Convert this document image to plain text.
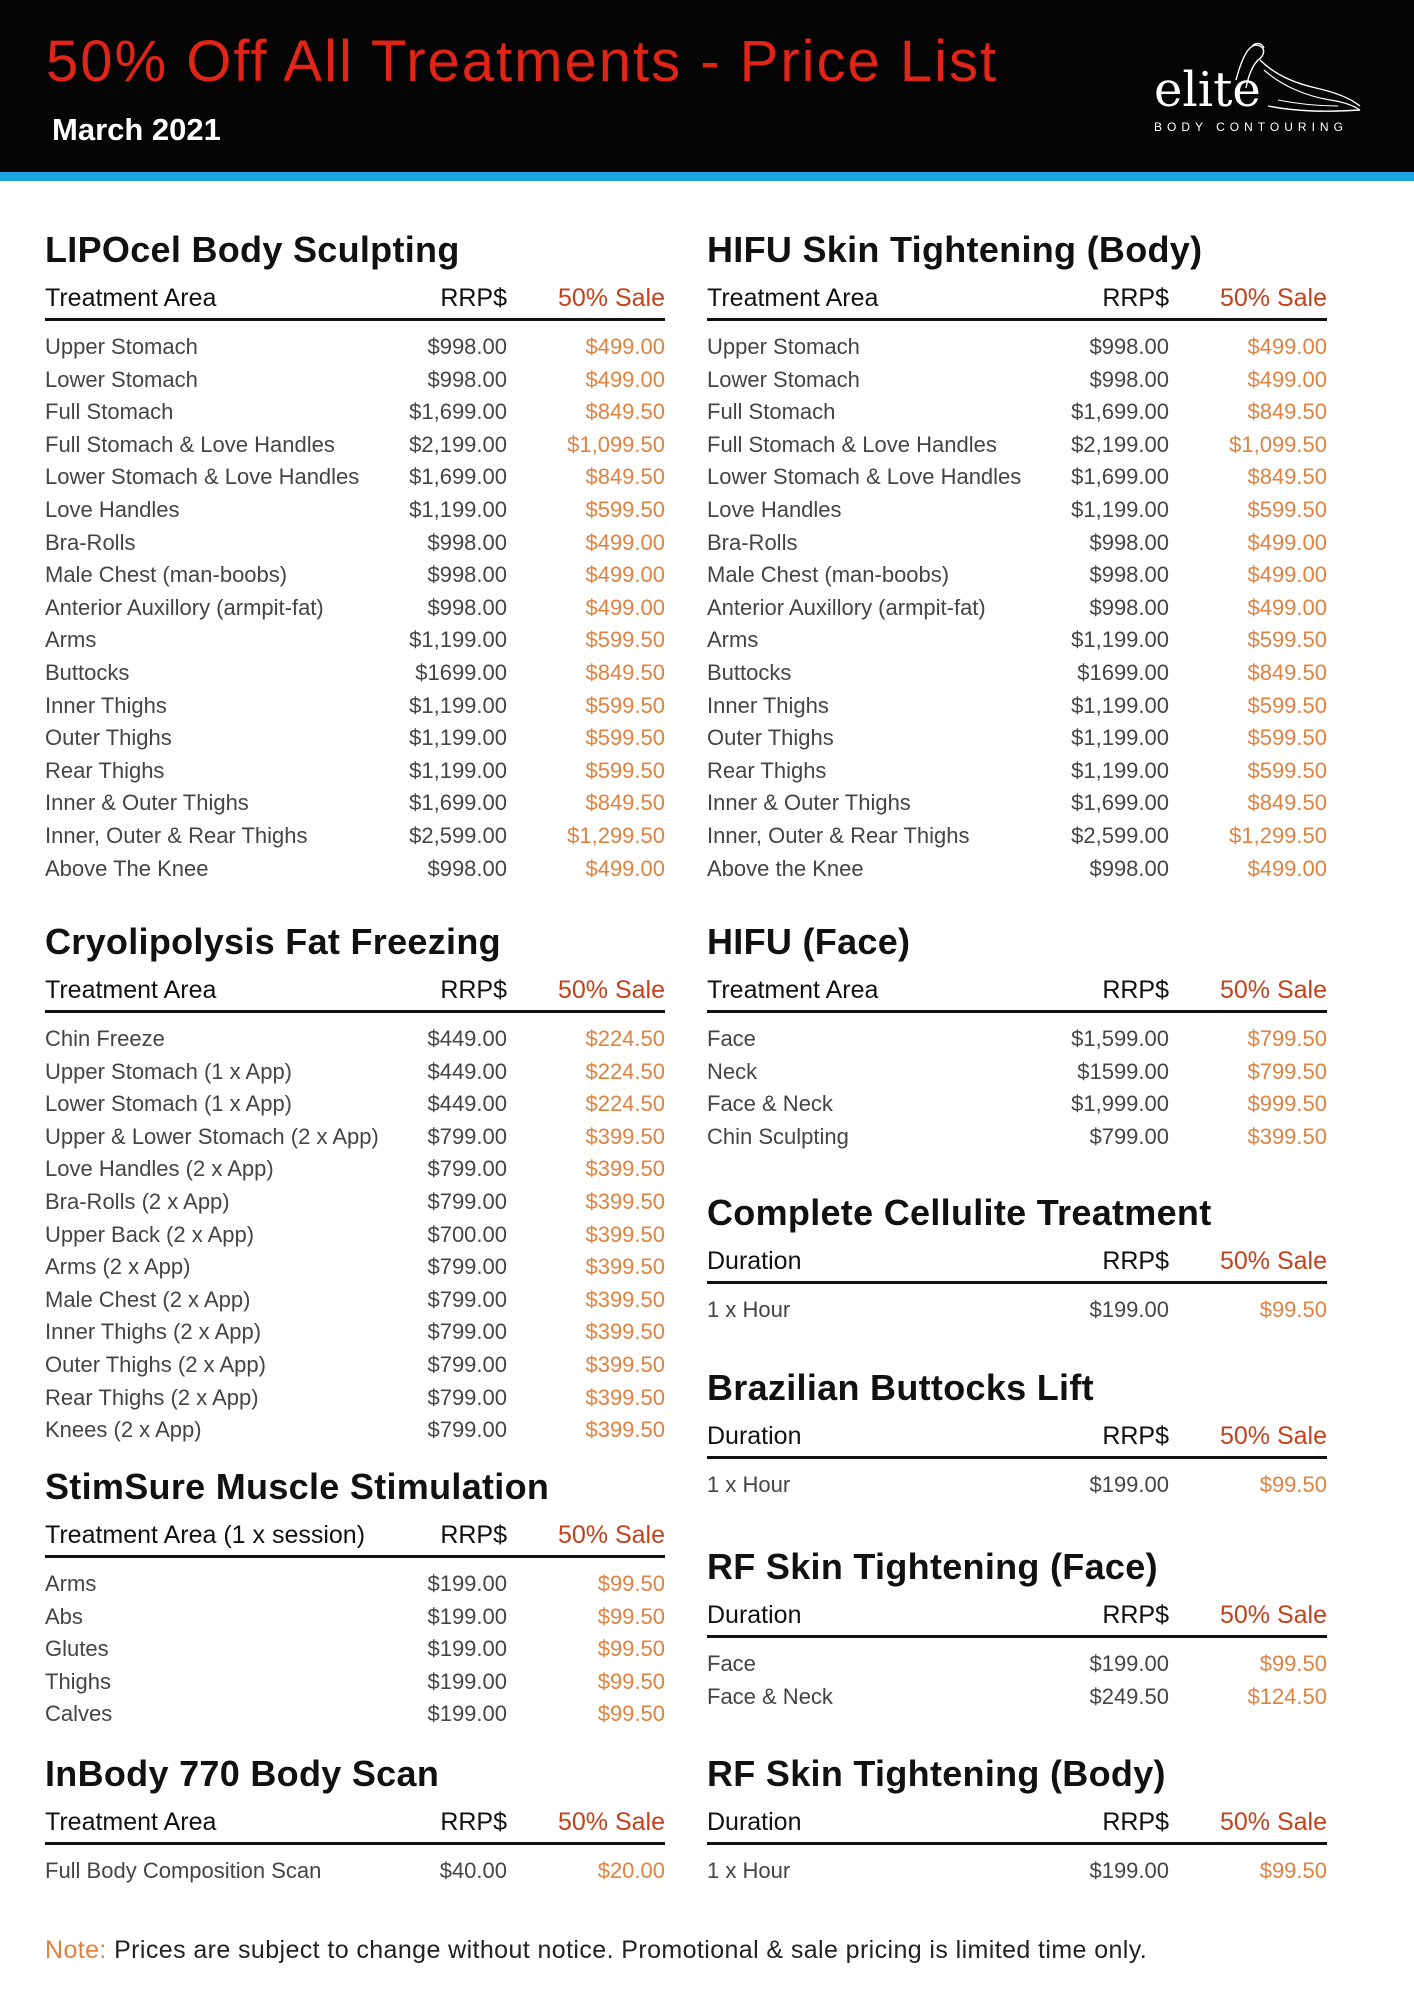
50% Off All Treatments - Price List
March 2021
elite
BODY CONTOURING
LIPOcel Body Sculpting
Treatment Area	RRP$ 50% Sale
Upper Stomach	$998.00	$499.00
Lower Stomach	$998.00	$499.00
Full Stomach	$1,699.00	$849.50
Full Stomach & Love Handles	$2,199.00	$1,099.50
Lower Stomach & Love Handles $1,699.00	$849.50
Love Handles	$1,199.00	$599.50
Bra-Rolls	$998.00	$499.00
Male Chest (man-boobs)	$998.00	$499.00
Anterior Auxillory (armpit-fat)	$998.00	$499.00
Arms	$1,199.00	$599.50
Buttocks	$1699.00	$849.50
Inner Thighs	$1,199.00	$599.50
Outer Thighs	$1,199.00	$599.50
Rear Thighs	$1,199.00	$599.50
Inner & Outer Thighs	$1,699.00	$849.50
Inner, Outer & Rear Thighs	$2,599.00	$1,299.50
Above The Knee	$998.00	$499.00
Cryolipolysis Fat Freezing
Treatment Area	RRP$ 50% Sale
Chin Freeze	$449.00	$224.50
Upper Stomach (1 x App)	$449.00	$224.50
Lower Stomach (1 x App)	$449.00	$224.50
Upper & Lower Stomach (2 x App) $799.00	$399.50
Love Handles (2 x App)	$799.00	$399.50
Bra-Rolls (2 x App)	$799.00	$399.50
Upper Back (2 x App)	$700.00	$399.50
Arms (2 x App)	$799.00	$399.50
Male Chest (2 x App)	$799.00	$399.50
Inner Thighs (2 x App)	$799.00	$399.50
Outer Thighs (2 x App)	$799.00	$399.50
Rear Thighs (2 x App)	$799.00	$399.50
Knees (2 x App)	$799.00	$399.50
StimSure Muscle Stimulation
Treatment Area (1 x session)	RRP$ 50% Sale
Arms	$199.00	$99.50
Abs	$199.00	$99.50
Glutes	$199.00	$99.50
Thighs	$199.00	$99.50
Calves	$199.00	$99.50
InBody 770 Body Scan
Treatment Area	RRP$ 50% Sale
Full Body Composition Scan	$40.00	$20.00
HIFU Skin Tightening (Body)
Treatment Area	RRP$ 50% Sale
Upper Stomach	$998.00	$499.00
Lower Stomach	$998.00	$499.00
Full Stomach	$1,699.00	$849.50
Full Stomach & Love Handles	$2,199.00	$1,099.50
Lower Stomach & Love Handles $1,699.00	$849.50
Love Handles	$1,199.00	$599.50
Bra-Rolls	$998.00	$499.00
Male Chest (man-boobs)	$998.00	$499.00
Anterior Auxillory (armpit-fat)	$998.00	$499.00
Arms	$1,199.00	$599.50
Buttocks	$1699.00	$849.50
Inner Thighs	$1,199.00	$599.50
Outer Thighs	$1,199.00	$599.50
Rear Thighs	$1,199.00	$599.50
Inner & Outer Thighs	$1,699.00	$849.50
Inner, Outer & Rear Thighs	$2,599.00	$1,299.50
Above the Knee	$998.00	$499.00
HIFU (Face)
Treatment Area	RRP$ 50% Sale
Face	$1,599.00	$799.50
Neck	$1599.00	$799.50
Face & Neck	$1,999.00	$999.50
Chin Sculpting	$799.00	$399.50
Complete Cellulite Treatment
Duration	RRP$ 50% Sale
1 x Hour	$199.00	$99.50
Brazilian Buttocks Lift
Duration	RRP$ 50% Sale
1 x Hour	$199.00	$99.50
RF Skin Tightening (Face)
Duration	RRP$ 50% Sale
Face	$199.00	$99.50
Face & Neck	$249.50	$124.50
RF Skin Tightening (Body)
Duration	RRP$ 50% Sale
1 x Hour	$199.00	$99.50
Note: Prices are subject to change without notice. Promotional & sale pricing is limited time only.
